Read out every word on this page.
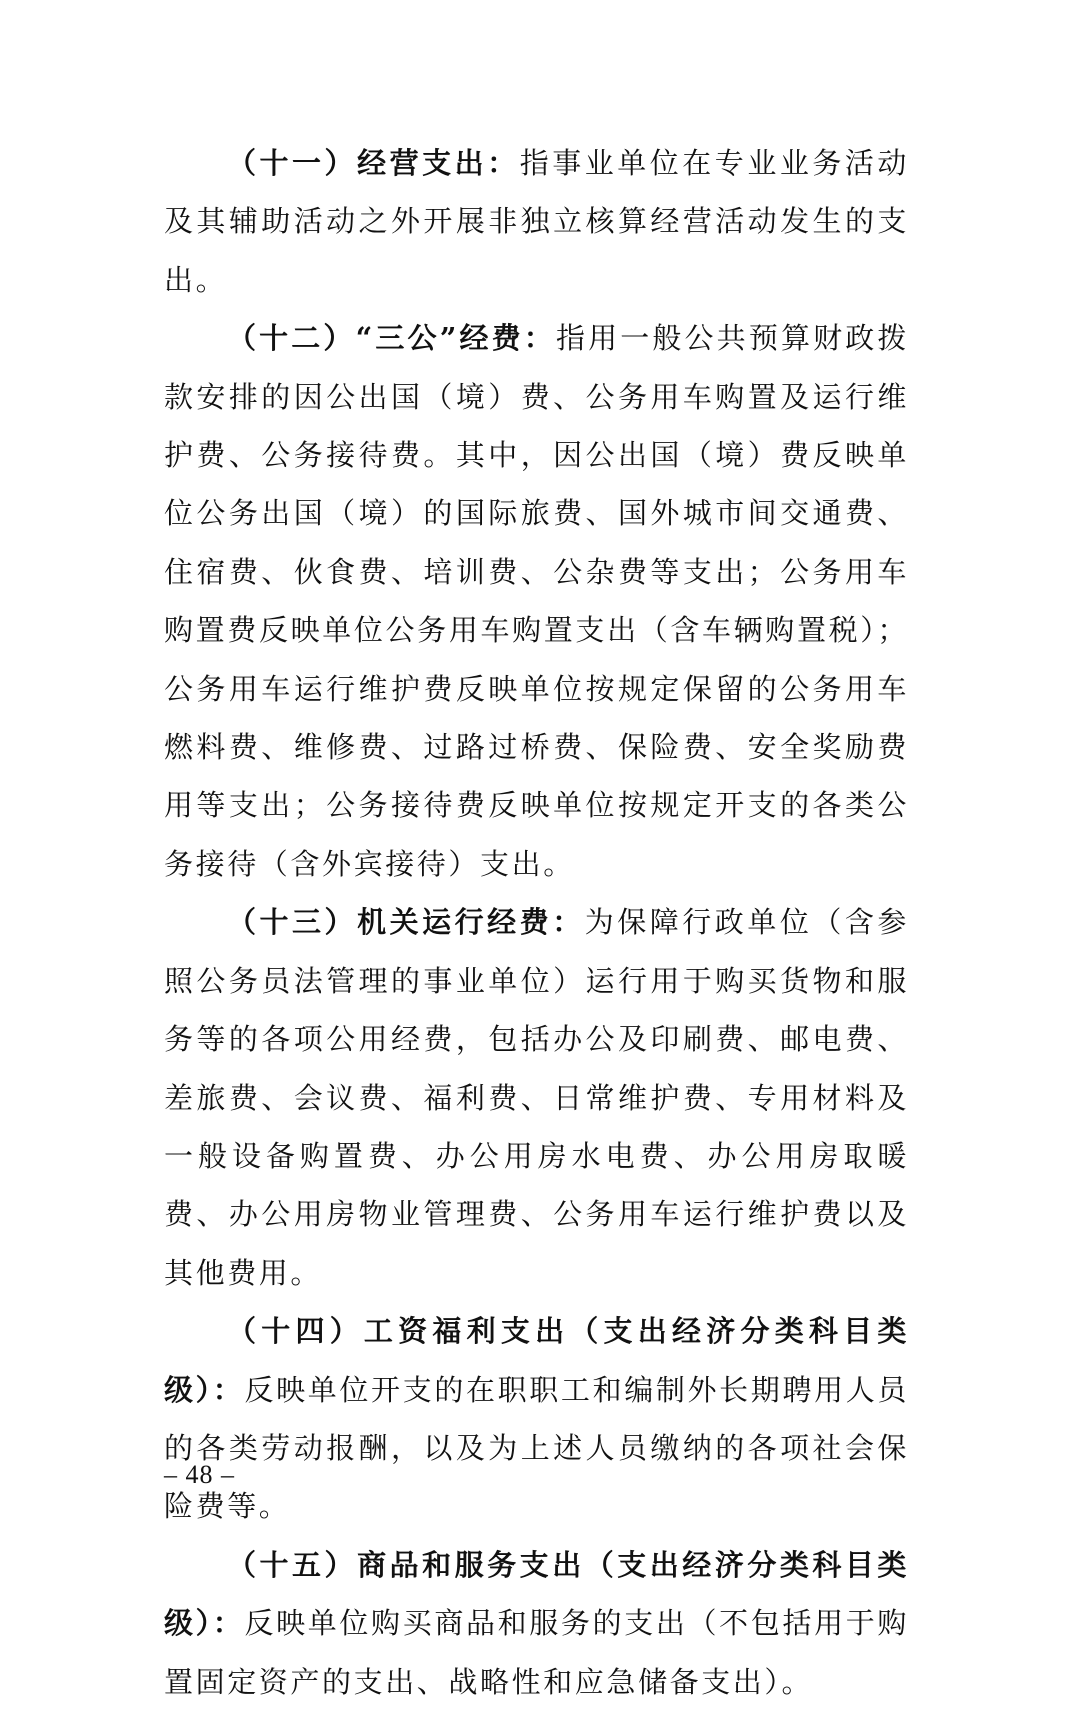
（十一）经营支出：指事业单位在专业业务活动及其辅助活动之外开展非独立核算经营活动发生的支出。

（十二）“三公”经费：指用一般公共预算财政拨款安排的因公出国（境）费、公务用车购置及运行维护费、公务接待费。其中，因公出国（境）费反映单位公务出国（境）的国际旅费、国外城市间交通费、住宿费、伙食费、培训费、公杂费等支出；公务用车购置费反映单位公务用车购置支出（含车辆购置税）；公务用车运行维护费反映单位按规定保留的公务用车燃料费、维修费、过路过桥费、保险费、安全奖励费用等支出；公务接待费反映单位按规定开支的各类公务接待（含外宾接待）支出。

（十三）机关运行经费：为保障行政单位（含参照公务员法管理的事业单位）运行用于购买货物和服务等的各项公用经费，包括办公及印刷费、邮电费、差旅费、会议费、福利费、日常维护费、专用材料及一般设备购置费、办公用房水电费、办公用房取暖费、办公用房物业管理费、公务用车运行维护费以及其他费用。

（十四）工资福利支出（支出经济分类科目类级）：反映单位开支的在职职工和编制外长期聘用人员的各类劳动报酬，以及为上述人员缴纳的各项社会保险费等。

（十五）商品和服务支出（支出经济分类科目类级）：反映单位购买商品和服务的支出（不包括用于购置固定资产的支出、战略性和应急储备支出）。

– 48 –
